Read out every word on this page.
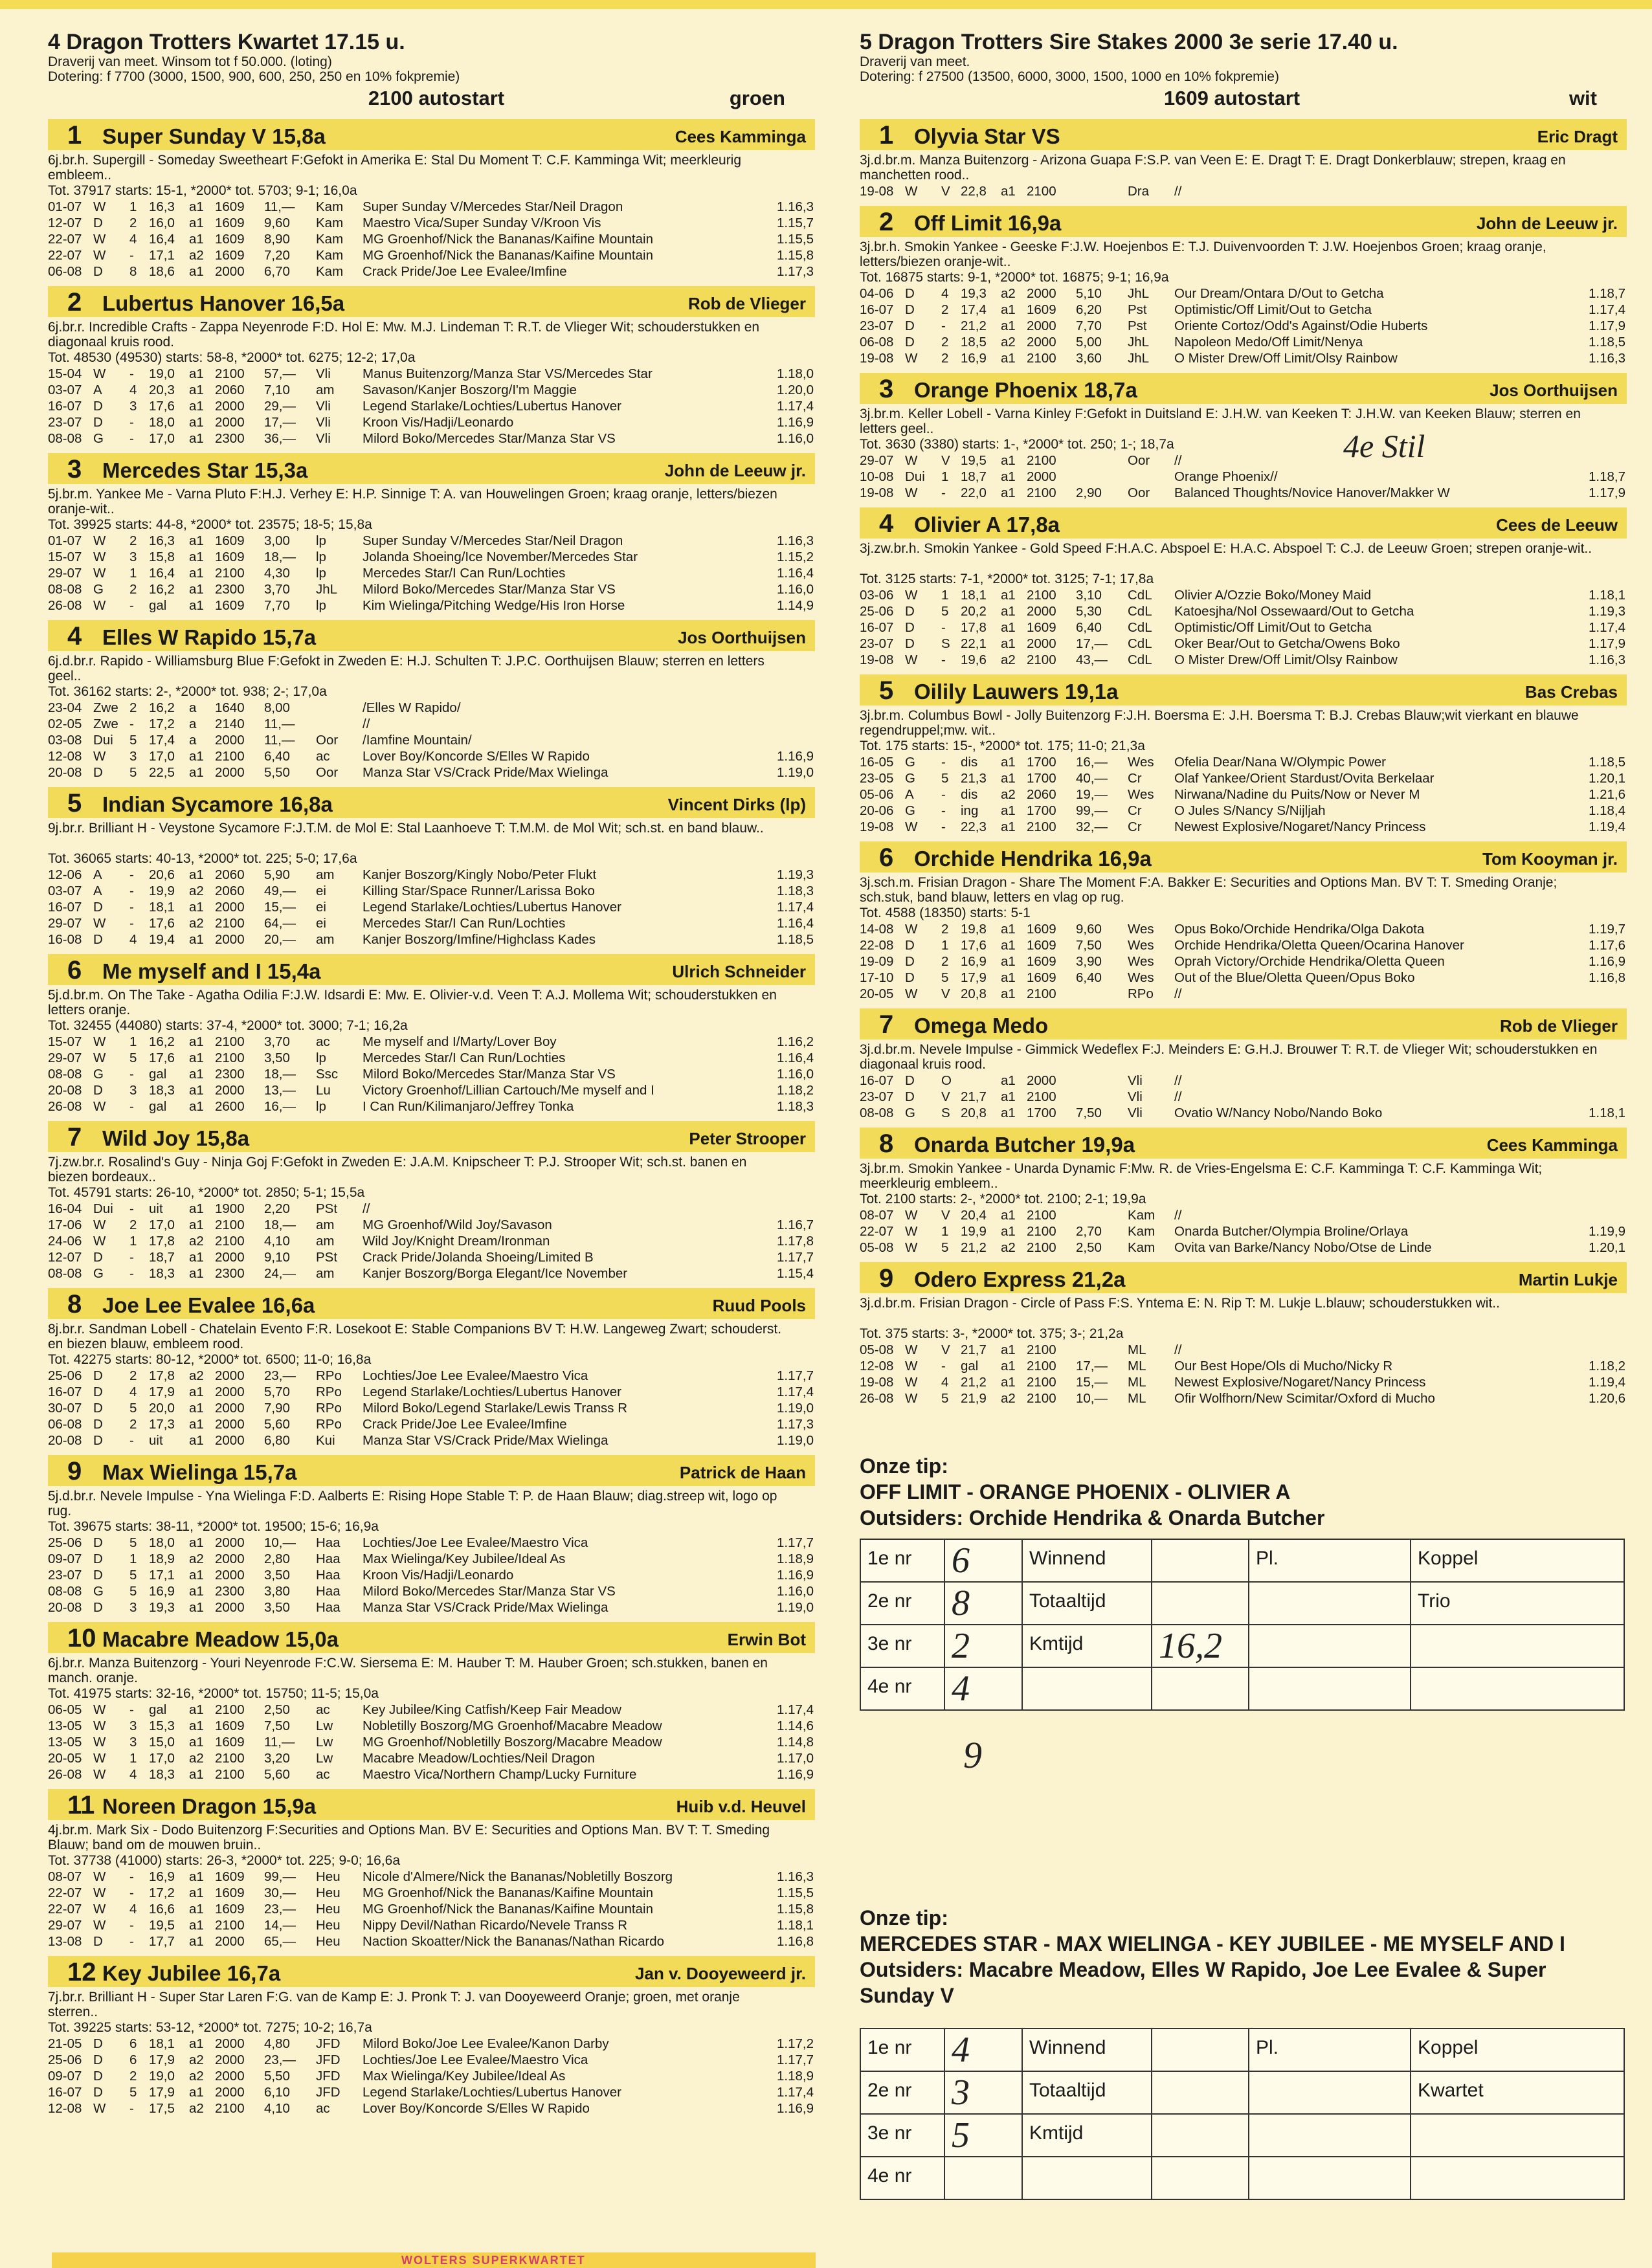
4 Dragon Trotters Kwartet 17.15 u.
Draverij van meet. Winsom tot f 50.000. (loting)
Dotering: f 7700 (3000, 1500, 900, 600, 250, 250 en 10% fokpremie)
2100 autostart	groen
1 Super Sunday V 15,8a	Cees Kamminga
6j.br.h. Supergill - Someday Sweetheart F:Gefokt in Amerika E: Stal Du Moment T: C.F. Kamminga Wit; meerkleurig embleem..
Tot. 37917 starts: 15-1, *2000* tot. 5703; 9-1; 16,0a
01-07	W	1	16,3	a1	1609	11,—	Kam	Super Sunday V/Mercedes Star/Neil Dragon	1.16,3
12-07	D	2	16,0	a1	1609	9,60	Kam	Maestro Vica/Super Sunday V/Kroon Vis	1.15,7
22-07	W	4	16,4	a1	1609	8,90	Kam	MG Groenhof/Nick the Bananas/Kaifine Mountain	1.15,5
22-07	W	-	17,1	a2	1609	7,20	Kam	MG Groenhof/Nick the Bananas/Kaifine Mountain	1.15,8
06-08	D	8	18,6	a1	2000	6,70	Kam	Crack Pride/Joe Lee Evalee/Imfine	1.17,3
2 Lubertus Hanover 16,5a	Rob de Vlieger
6j.br.r. Incredible Crafts - Zappa Neyenrode F:D. Hol E: Mw. M.J. Lindeman T: R.T. de Vlieger Wit; schouderstukken en diagonaal kruis rood.
Tot. 48530 (49530) starts: 58-8, *2000* tot. 6275; 12-2; 17,0a
15-04	W	-	19,0	a1	2100	57,—	Vli	Manus Buitenzorg/Manza Star VS/Mercedes Star	1.18,0
03-07	A	4	20,3	a1	2060	7,10	am	Savason/Kanjer Boszorg/I'm Maggie	1.20,0
16-07	D	3	17,6	a1	2000	29,—	Vli	Legend Starlake/Lochties/Lubertus Hanover	1.17,4
23-07	D	-	18,0	a1	2000	17,—	Vli	Kroon Vis/Hadji/Leonardo	1.16,9
08-08	G	-	17,0	a1	2300	36,—	Vli	Milord Boko/Mercedes Star/Manza Star VS	1.16,0
3 Mercedes Star 15,3a	John de Leeuw jr.
5j.br.m. Yankee Me - Varna Pluto F:H.J. Verhey E: H.P. Sinnige T: A. van Houwelingen Groen; kraag oranje, letters/biezen oranje-wit..
Tot. 39925 starts: 44-8, *2000* tot. 23575; 18-5; 15,8a
01-07	W	2	16,3	a1	1609	3,00	lp	Super Sunday V/Mercedes Star/Neil Dragon	1.16,3
15-07	W	3	15,8	a1	1609	18,—	lp	Jolanda Shoeing/Ice November/Mercedes Star	1.15,2
29-07	W	1	16,4	a1	2100	4,30	lp	Mercedes Star/I Can Run/Lochties	1.16,4
08-08	G	2	16,2	a1	2300	3,70	JhL	Milord Boko/Mercedes Star/Manza Star VS	1.16,0
26-08	W	-	gal	a1	1609	7,70	lp	Kim Wielinga/Pitching Wedge/His Iron Horse	1.14,9
4 Elles W Rapido 15,7a	Jos Oorthuijsen
6j.d.br.r. Rapido - Williamsburg Blue F:Gefokt in Zweden E: H.J. Schulten T: J.P.C. Oorthuijsen Blauw; sterren en letters geel..
Tot. 36162 starts: 2-, *2000* tot. 938; 2-; 17,0a
23-04	Zwe	2	16,2	a	1640	8,00		/Elles W Rapido/	
02-05	Zwe	-	17,2	a	2140	11,—		//	
03-08	Dui	5	17,4	a	2000	11,—	Oor	/Iamfine Mountain/	
12-08	W	3	17,0	a1	2100	6,40	ac	Lover Boy/Koncorde S/Elles W Rapido	1.16,9
20-08	D	5	22,5	a1	2000	5,50	Oor	Manza Star VS/Crack Pride/Max Wielinga	1.19,0
5 Indian Sycamore 16,8a	Vincent Dirks (lp)
9j.br.r. Brilliant H - Veystone Sycamore F:J.T.M. de Mol E: Stal Laanhoeve T: T.M.M. de Mol Wit; sch.st. en band blauw..
Tot. 36065 starts: 40-13, *2000* tot. 225; 5-0; 17,6a
12-06	A	-	20,6	a1	2060	5,90	am	Kanjer Boszorg/Kingly Nobo/Peter Flukt	1.19,3
03-07	A	-	19,9	a2	2060	49,—	ei	Killing Star/Space Runner/Larissa Boko	1.18,3
16-07	D	-	18,1	a1	2000	15,—	ei	Legend Starlake/Lochties/Lubertus Hanover	1.17,4
29-07	W	-	17,6	a2	2100	64,—	ei	Mercedes Star/I Can Run/Lochties	1.16,4
16-08	D	4	19,4	a1	2000	20,—	am	Kanjer Boszorg/Imfine/Highclass Kades	1.18,5
6 Me myself and I 15,4a	Ulrich Schneider
5j.d.br.m. On The Take - Agatha Odilia F:J.W. Idsardi E: Mw. E. Olivier-v.d. Veen T: A.J. Mollema Wit; schouderstukken en letters oranje.
Tot. 32455 (44080) starts: 37-4, *2000* tot. 3000; 7-1; 16,2a
15-07	W	1	16,2	a1	2100	3,70	ac	Me myself and I/Marty/Lover Boy	1.16,2
29-07	W	5	17,6	a1	2100	3,50	lp	Mercedes Star/I Can Run/Lochties	1.16,4
08-08	G	-	gal	a1	2300	18,—	Ssc	Milord Boko/Mercedes Star/Manza Star VS	1.16,0
20-08	D	3	18,3	a1	2000	13,—	Lu	Victory Groenhof/Lillian Cartouch/Me myself and I	1.18,2
26-08	W	-	gal	a1	2600	16,—	lp	I Can Run/Kilimanjaro/Jeffrey Tonka	1.18,3
7 Wild Joy 15,8a	Peter Strooper
7j.zw.br.r. Rosalind's Guy - Ninja Goj F:Gefokt in Zweden E: J.A.M. Knipscheer T: P.J. Strooper Wit; sch.st. banen en biezen bordeaux..
Tot. 45791 starts: 26-10, *2000* tot. 2850; 5-1; 15,5a
16-04	Dui	-	uit	a1	1900	2,20	PSt	//	
17-06	W	2	17,0	a1	2100	18,—	am	MG Groenhof/Wild Joy/Savason	1.16,7
24-06	W	1	17,8	a2	2100	4,10	am	Wild Joy/Knight Dream/Ironman	1.17,8
12-07	D	-	18,7	a1	2000	9,10	PSt	Crack Pride/Jolanda Shoeing/Limited B	1.17,7
08-08	G	-	18,3	a1	2300	24,—	am	Kanjer Boszorg/Borga Elegant/Ice November	1.15,4
8 Joe Lee Evalee 16,6a	Ruud Pools
8j.br.r. Sandman Lobell - Chatelain Evento F:R. Losekoot E: Stable Companions BV T: H.W. Langeweg Zwart; schouderst. en biezen blauw, embleem rood.
Tot. 42275 starts: 80-12, *2000* tot. 6500; 11-0; 16,8a
25-06	D	2	17,8	a2	2000	23,—	RPo	Lochties/Joe Lee Evalee/Maestro Vica	1.17,7
16-07	D	4	17,9	a1	2000	5,70	RPo	Legend Starlake/Lochties/Lubertus Hanover	1.17,4
30-07	D	5	20,0	a1	2000	7,90	RPo	Milord Boko/Legend Starlake/Lewis Transs R	1.19,0
06-08	D	2	17,3	a1	2000	5,60	RPo	Crack Pride/Joe Lee Evalee/Imfine	1.17,3
20-08	D	-	uit	a1	2000	6,80	Kui	Manza Star VS/Crack Pride/Max Wielinga	1.19,0
9 Max Wielinga 15,7a	Patrick de Haan
5j.d.br.r. Nevele Impulse - Yna Wielinga F:D. Aalberts E: Rising Hope Stable T: P. de Haan Blauw; diag.streep wit, logo op rug.
Tot. 39675 starts: 38-11, *2000* tot. 19500; 15-6; 16,9a
25-06	D	5	18,0	a1	2000	10,—	Haa	Lochties/Joe Lee Evalee/Maestro Vica	1.17,7
09-07	D	1	18,9	a2	2000	2,80	Haa	Max Wielinga/Key Jubilee/Ideal As	1.18,9
23-07	D	5	17,1	a1	2000	3,50	Haa	Kroon Vis/Hadji/Leonardo	1.16,9
08-08	G	5	16,9	a1	2300	3,80	Haa	Milord Boko/Mercedes Star/Manza Star VS	1.16,0
20-08	D	3	19,3	a1	2000	3,50	Haa	Manza Star VS/Crack Pride/Max Wielinga	1.19,0
10 Macabre Meadow 15,0a	Erwin Bot
6j.br.r. Manza Buitenzorg - Youri Neyenrode F:C.W. Siersema E: M. Hauber T: M. Hauber Groen; sch.stukken, banen en manch. oranje.
Tot. 41975 starts: 32-16, *2000* tot. 15750; 11-5; 15,0a
06-05	W	-	gal	a1	2100	2,50	ac	Key Jubilee/King Catfish/Keep Fair Meadow	1.17,4
13-05	W	3	15,3	a1	1609	7,50	Lw	Nobletilly Boszorg/MG Groenhof/Macabre Meadow	1.14,6
13-05	W	3	15,0	a1	1609	11,—	Lw	MG Groenhof/Nobletilly Boszorg/Macabre Meadow	1.14,8
20-05	W	1	17,0	a2	2100	3,20	Lw	Macabre Meadow/Lochties/Neil Dragon	1.17,0
26-08	W	4	18,3	a1	2100	5,60	ac	Maestro Vica/Northern Champ/Lucky Furniture	1.16,9
11 Noreen Dragon 15,9a	Huib v.d. Heuvel
4j.br.m. Mark Six - Dodo Buitenzorg F:Securities and Options Man. BV E: Securities and Options Man. BV T: T. Smeding Blauw; band om de mouwen bruin..
Tot. 37738 (41000) starts: 26-3, *2000* tot. 225; 9-0; 16,6a
08-07	W	-	16,9	a1	1609	99,—	Heu	Nicole d'Almere/Nick the Bananas/Nobletilly Boszorg	1.16,3
22-07	W	-	17,2	a1	1609	30,—	Heu	MG Groenhof/Nick the Bananas/Kaifine Mountain	1.15,5
22-07	W	4	16,6	a1	1609	23,—	Heu	MG Groenhof/Nick the Bananas/Kaifine Mountain	1.15,8
29-07	W	-	19,5	a1	2100	14,—	Heu	Nippy Devil/Nathan Ricardo/Nevele Transs R	1.18,1
13-08	D	-	17,7	a1	2000	65,—	Heu	Naction Skoatter/Nick the Bananas/Nathan Ricardo	1.16,8
12 Key Jubilee 16,7a	Jan v. Dooyeweerd jr.
7j.br.r. Brilliant H - Super Star Laren F:G. van de Kamp E: J. Pronk T: J. van Dooyeweerd Oranje; groen, met oranje sterren..
Tot. 39225 starts: 53-12, *2000* tot. 7275; 10-2; 16,7a
21-05	D	6	18,1	a1	2000	4,80	JFD	Milord Boko/Joe Lee Evalee/Kanon Darby	1.17,2
25-06	D	6	17,9	a2	2000	23,—	JFD	Lochties/Joe Lee Evalee/Maestro Vica	1.17,7
09-07	D	2	19,0	a2	2000	5,50	JFD	Max Wielinga/Key Jubilee/Ideal As	1.18,9
16-07	D	5	17,9	a1	2000	6,10	JFD	Legend Starlake/Lochties/Lubertus Hanover	1.17,4
12-08	W	-	17,5	a2	2100	4,10	ac	Lover Boy/Koncorde S/Elles W Rapido	1.16,9
5 Dragon Trotters Sire Stakes 2000 3e serie 17.40 u.
Draverij van meet.
Dotering: f 27500 (13500, 6000, 3000, 1500, 1000 en 10% fokpremie)
1609 autostart	wit
1 Olyvia Star VS	Eric Dragt
3j.d.br.m. Manza Buitenzorg - Arizona Guapa F:S.P. van Veen E: E. Dragt T: E. Dragt Donkerblauw; strepen, kraag en manchetten rood..
19-08	W	V	22,8	a1	2100		Dra	//	
2 Off Limit 16,9a	John de Leeuw jr.
3j.br.h. Smokin Yankee - Geeske F:J.W. Hoejenbos E: T.J. Duivenvoorden T: J.W. Hoejenbos Groen; kraag oranje, letters/biezen oranje-wit..
Tot. 16875 starts: 9-1, *2000* tot. 16875; 9-1; 16,9a
04-06	D	4	19,3	a2	2000	5,10	JhL	Our Dream/Ontara D/Out to Getcha	1.18,7
16-07	D	2	17,4	a1	1609	6,20	Pst	Optimistic/Off Limit/Out to Getcha	1.17,4
23-07	D	-	21,2	a1	2000	7,70	Pst	Oriente Cortoz/Odd's Against/Odie Huberts	1.17,9
06-08	D	2	18,5	a2	2000	5,00	JhL	Napoleon Medo/Off Limit/Nenya	1.18,5
19-08	W	2	16,9	a1	2100	3,60	JhL	O Mister Drew/Off Limit/Olsy Rainbow	1.16,3
3 Orange Phoenix 18,7a	Jos Oorthuijsen
3j.br.m. Keller Lobell - Varna Kinley F:Gefokt in Duitsland E: J.H.W. van Keeken T: J.H.W. van Keeken Blauw; sterren en letters geel..
Tot. 3630 (3380) starts: 1-, *2000* tot. 250; 1-; 18,7a
29-07	W	V	19,5	a1	2100		Oor	//	
10-08	Dui	1	18,7	a1	2000			Orange Phoenix//	1.18,7
19-08	W	-	22,0	a1	2100	2,90	Oor	Balanced Thoughts/Novice Hanover/Makker W	1.17,9
4 Olivier A 17,8a	Cees de Leeuw
3j.zw.br.h. Smokin Yankee - Gold Speed F:H.A.C. Abspoel E: H.A.C. Abspoel T: C.J. de Leeuw Groen; strepen oranje-wit..
Tot. 3125 starts: 7-1, *2000* tot. 3125; 7-1; 17,8a
03-06	W	1	18,1	a1	2100	3,10	CdL	Olivier A/Ozzie Boko/Money Maid	1.18,1
25-06	D	5	20,2	a1	2000	5,30	CdL	Katoesjha/Nol Ossewaard/Out to Getcha	1.19,3
16-07	D	-	17,8	a1	1609	6,40	CdL	Optimistic/Off Limit/Out to Getcha	1.17,4
23-07	D	S	22,1	a1	2000	17,—	CdL	Oker Bear/Out to Getcha/Owens Boko	1.17,9
19-08	W	-	19,6	a2	2100	43,—	CdL	O Mister Drew/Off Limit/Olsy Rainbow	1.16,3
5 Oilily Lauwers 19,1a	Bas Crebas
3j.br.m. Columbus Bowl - Jolly Buitenzorg F:J.H. Boersma E: J.H. Boersma T: B.J. Crebas Blauw;wit vierkant en blauwe regendruppel;mw. wit..
Tot. 175 starts: 15-, *2000* tot. 175; 11-0; 21,3a
16-05	G	-	dis	a1	1700	16,—	Wes	Ofelia Dear/Nana W/Olympic Power	1.18,5
23-05	G	5	21,3	a1	1700	40,—	Cr	Olaf Yankee/Orient Stardust/Ovita Berkelaar	1.20,1
05-06	A	-	dis	a2	2060	19,—	Wes	Nirwana/Nadine du Puits/Now or Never M	1.21,6
20-06	G	-	ing	a1	1700	99,—	Cr	O Jules S/Nancy S/Nijljah	1.18,4
19-08	W	-	22,3	a1	2100	32,—	Cr	Newest Explosive/Nogaret/Nancy Princess	1.19,4
6 Orchide Hendrika 16,9a	Tom Kooyman jr.
3j.sch.m. Frisian Dragon - Share The Moment F:A. Bakker E: Securities and Options Man. BV T: T. Smeding Oranje; sch.stuk, band blauw, letters en vlag op rug.
Tot. 4588 (18350) starts: 5-1
14-08	W	2	19,8	a1	1609	9,60	Wes	Opus Boko/Orchide Hendrika/Olga Dakota	1.19,7
22-08	D	1	17,6	a1	1609	7,50	Wes	Orchide Hendrika/Oletta Queen/Ocarina Hanover	1.17,6
19-09	D	2	16,9	a1	1609	3,90	Wes	Oprah Victory/Orchide Hendrika/Oletta Queen	1.16,9
17-10	D	5	17,9	a1	1609	6,40	Wes	Out of the Blue/Oletta Queen/Opus Boko	1.16,8
20-05	W	V	20,8	a1	2100		RPo	//	
7 Omega Medo	Rob de Vlieger
3j.d.br.m. Nevele Impulse - Gimmick Wedeflex F:J. Meinders E: G.H.J. Brouwer T: R.T. de Vlieger Wit; schouderstukken en diagonaal kruis rood.
16-07	D	O		a1	2000		Vli	//	
23-07	D	V	21,7	a1	2100		Vli	//	
08-08	G	S	20,8	a1	1700	7,50	Vli	Ovatio W/Nancy Nobo/Nando Boko	1.18,1
8 Onarda Butcher 19,9a	Cees Kamminga
3j.br.m. Smokin Yankee - Unarda Dynamic F:Mw. R. de Vries-Engelsma E: C.F. Kamminga T: C.F. Kamminga Wit; meerkleurig embleem..
Tot. 2100 starts: 2-, *2000* tot. 2100; 2-1; 19,9a
08-07	W	V	20,4	a1	2100		Kam	//	
22-07	W	1	19,9	a1	2100	2,70	Kam	Onarda Butcher/Olympia Broline/Orlaya	1.19,9
05-08	W	5	21,2	a2	2100	2,50	Kam	Ovita van Barke/Nancy Nobo/Otse de Linde	1.20,1
9 Odero Express 21,2a	Martin Lukje
3j.d.br.m. Frisian Dragon - Circle of Pass F:S. Yntema E: N. Rip T: M. Lukje L.blauw; schouderstukken wit..
Tot. 375 starts: 3-, *2000* tot. 375; 3-; 21,2a
05-08	W	V	21,7	a1	2100		ML	//	
12-08	W	-	gal	a1	2100	17,—	ML	Our Best Hope/Ols di Mucho/Nicky R	1.18,2
19-08	W	4	21,2	a1	2100	15,—	ML	Newest Explosive/Nogaret/Nancy Princess	1.19,4
26-08	W	5	21,9	a2	2100	10,—	ML	Ofir Wolfhorn/New Scimitar/Oxford di Mucho	1.20,6
Onze tip:
OFF LIMIT - ORANGE PHOENIX - OLIVIER A
Outsiders: Orchide Hendrika & Onarda Butcher
1e nr	6	Winnend		Pl.	Koppel
2e nr	8	Totaaltijd			Trio
3e nr	2	Kmtijd	16,2		
4e nr	4				
Onze tip:
MERCEDES STAR - MAX WIELINGA - KEY JUBILEE - ME MYSELF AND I
Outsiders: Macabre Meadow, Elles W Rapido, Joe Lee Evalee & Super
Sunday V
1e nr	4	Winnend		Pl.	Koppel
2e nr	3	Totaaltijd			Kwartet
3e nr	5	Kmtijd			
4e nr					
4e Stil
9
WOLTERS SUPERKWARTET
